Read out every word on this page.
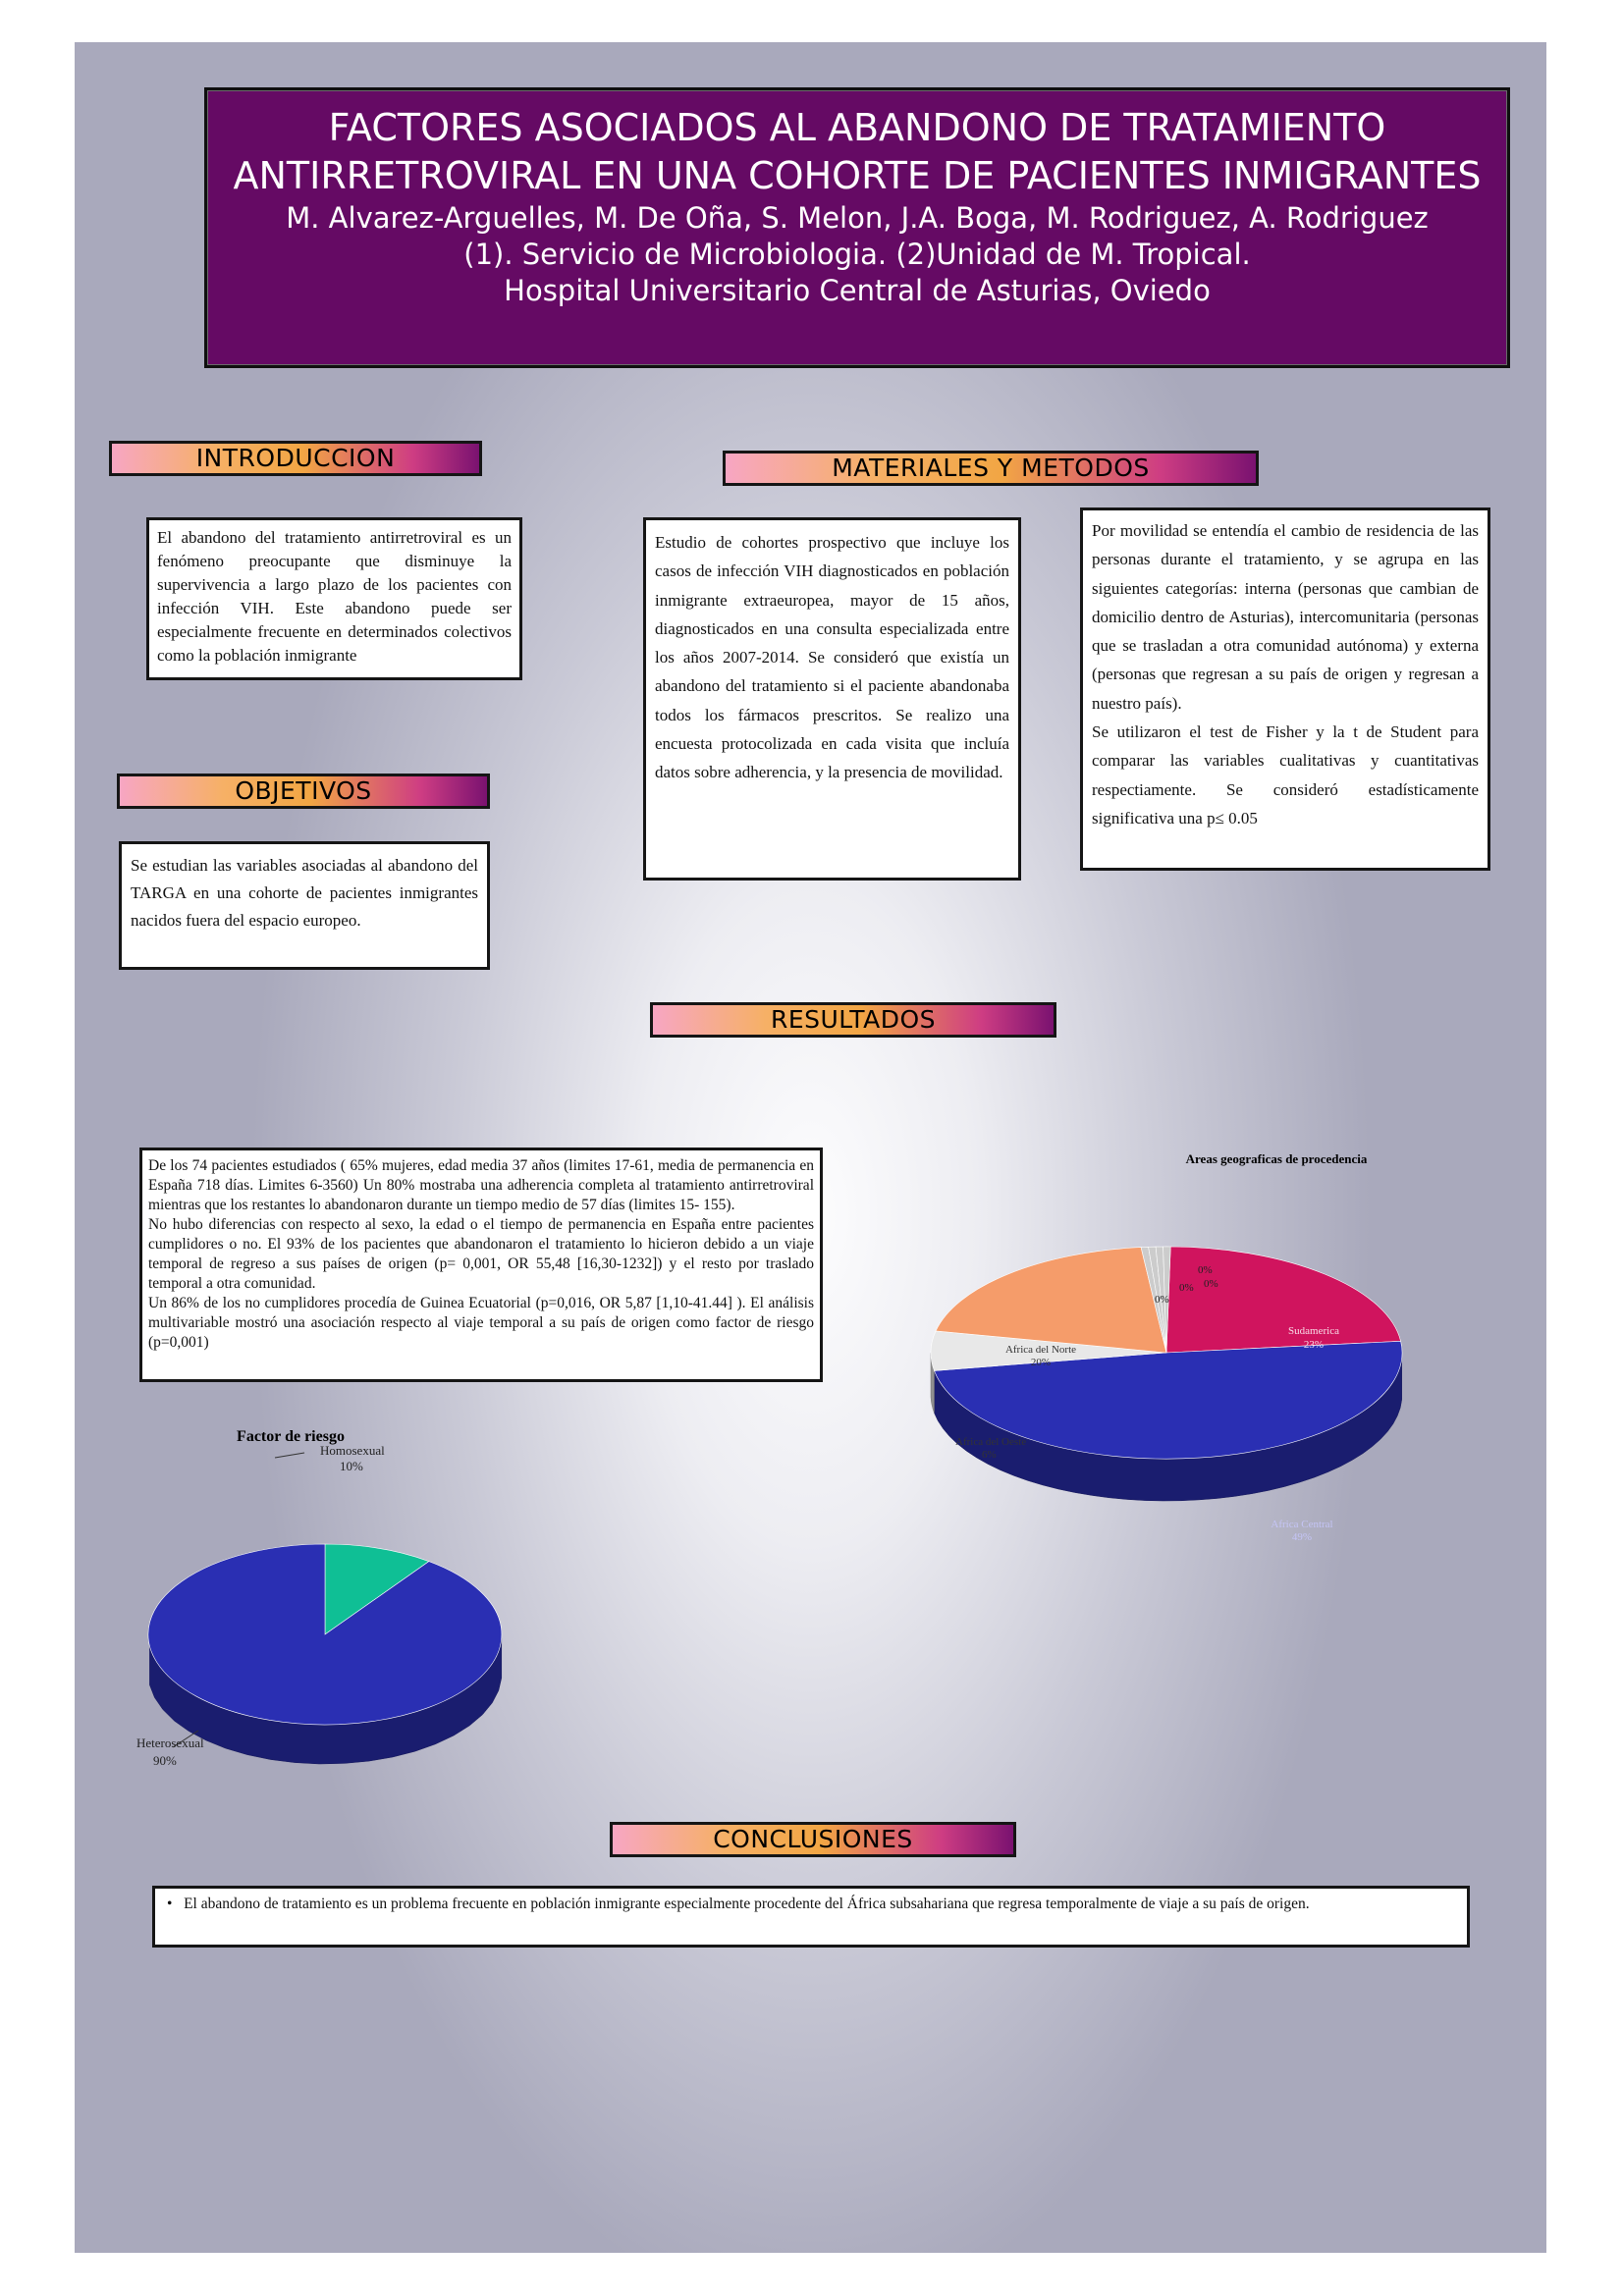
FACTORES ASOCIADOS AL ABANDONO DE TRATAMIENTO ANTIRRETROVIRAL EN UNA COHORTE DE PACIENTES INMIGRANTES
M. Alvarez-Arguelles, M. De Oña, S. Melon, J.A. Boga, M. Rodriguez, A. Rodriguez
(1). Servicio de Microbiologia. (2)Unidad de M. Tropical.
Hospital Universitario Central de Asturias, Oviedo
INTRODUCCION

El abandono del tratamiento antirretroviral es un fenómeno preocupante que disminuye la supervivencia a largo plazo de los pacientes con infección VIH. Este abandono puede ser especialmente frecuente en determinados colectivos como la población inmigrante

OBJETIVOS

Se estudian las variables asociadas al abandono del TARGA en una cohorte de pacientes inmigrantes nacidos fuera del espacio europeo.

MATERIALES Y METODOS

Estudio de cohortes prospectivo que incluye los casos de infección VIH diagnosticados en población inmigrante extraeuropea, mayor de 15 años, diagnosticados en una consulta especializada entre los años 2007-2014. Se consideró que existía un abandono del tratamiento si el paciente abandonaba todos los fármacos prescritos. Se realizo una encuesta protocolizada en cada visita que incluía datos sobre adherencia, y la presencia de movilidad.

Por movilidad se entendía el cambio de residencia de las personas durante el tratamiento, y se agrupa en las siguientes categorías: interna (personas que cambian de domicilio dentro de Asturias), intercomunitaria (personas que se trasladan a otra comunidad autónoma) y externa (personas que regresan a su país de origen y regresan a nuestro país).

Se utilizaron el test de Fisher y la t de Student para comparar las variables cualitativas y cuantitativas respectiamente. Se consideró estadísticamente significativa una p≤ 0.05

RESULTADOS

De los 74 pacientes estudiados ( 65% mujeres, edad media 37 años (limites 17-61, media de permanencia en España 718 días. Limites 6-3560) Un 80% mostraba una adherencia completa al tratamiento antirretroviral mientras que los restantes lo abandonaron durante un tiempo medio de 57 días (limites 15- 155).

No hubo diferencias con respecto al sexo, la edad o el tiempo de permanencia en España entre pacientes cumplidores o no. El 93% de los pacientes que abandonaron el tratamiento lo hicieron debido a un viaje temporal de regreso a sus países de origen (p= 0,001, OR 55,48 [16,30-1232]) y el resto por traslado temporal a otra comunidad.

Un 86% de los no cumplidores procedía de Guinea Ecuatorial (p=0,016, OR 5,87 [1,10-41.44] ). El análisis multivariable mostró una asociación respecto al viaje temporal a su país de origen como factor de riesgo (p=0,001)

Areas geograficas de procedencia
Sudamerica
23%
Africa Central
49%
Africa del Oeste
6%
Africa del Norte
20%
0%
0% 0%
0%
Factor de riesgo
Homosexual
10%
Heterosexual
90%
CONCLUSIONES
•   El abandono de tratamiento es un problema frecuente en población inmigrante especialmente procedente del África subsahariana que regresa temporalmente de viaje a su país de origen.
